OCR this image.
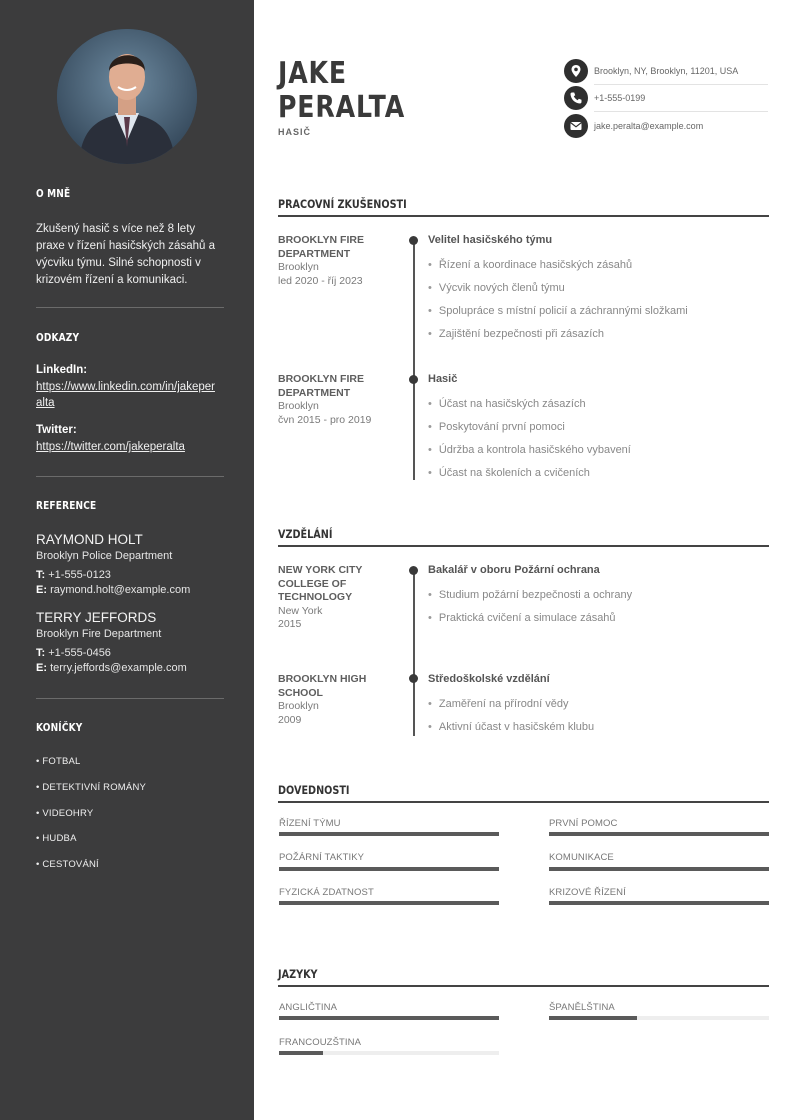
O MNĚ
Zkušený hasič s více než 8 lety praxe v řízení hasičských zásahů a výcviku týmu. Silné schopnosti v krizovém řízení a komunikaci.
ODKAZY
LinkedIn:
https://www.linkedin.com/in/jakeperalta
Twitter:
https://twitter.com/jakeperalta
REFERENCE
RAYMOND HOLT
Brooklyn Police Department
T: +1-555-0123
E: raymond.holt@example.com
TERRY JEFFORDS
Brooklyn Fire Department
T: +1-555-0456
E: terry.jeffords@example.com
KONÍČKY
• FOTBAL
• DETEKTIVNÍ ROMÁNY
• VIDEOHRY
• HUDBA
• CESTOVÁNÍ
JAKE
PERALTA
HASIČ
Brooklyn, NY, Brooklyn, 11201, USA
+1-555-0199
jake.peralta@example.com
PRACOVNÍ ZKUŠENOSTI
BROOKLYN FIRE DEPARTMENT
Brooklyn
led 2020 - říj 2023
Velitel hasičského týmu
• Řízení a koordinace hasičských zásahů
• Výcvik nových členů týmu
• Spolupráce s místní policií a záchrannými složkami
• Zajištění bezpečnosti při zásazích
BROOKLYN FIRE DEPARTMENT
Brooklyn
čvn 2015 - pro 2019
Hasič
• Účast na hasičských zásazích
• Poskytování první pomoci
• Údržba a kontrola hasičského vybavení
• Účast na školeních a cvičeních
VZDĚLÁNÍ
NEW YORK CITY COLLEGE OF TECHNOLOGY
New York
2015
Bakalář v oboru Požární ochrana
• Studium požární bezpečnosti a ochrany
• Praktická cvičení a simulace zásahů
BROOKLYN HIGH SCHOOL
Brooklyn
2009
Středoškolské vzdělání
• Zaměření na přírodní vědy
• Aktivní účast v hasičském klubu
DOVEDNOSTI
ŘÍZENÍ TÝMU	PRVNÍ POMOC
POŽÁRNÍ TAKTIKY	KOMUNIKACE
FYZICKÁ ZDATNOST	KRIZOVÉ ŘÍZENÍ
JAZYKY
ANGLIČTINA	ŠPANĚLŠTINA
FRANCOUZŠTINA
